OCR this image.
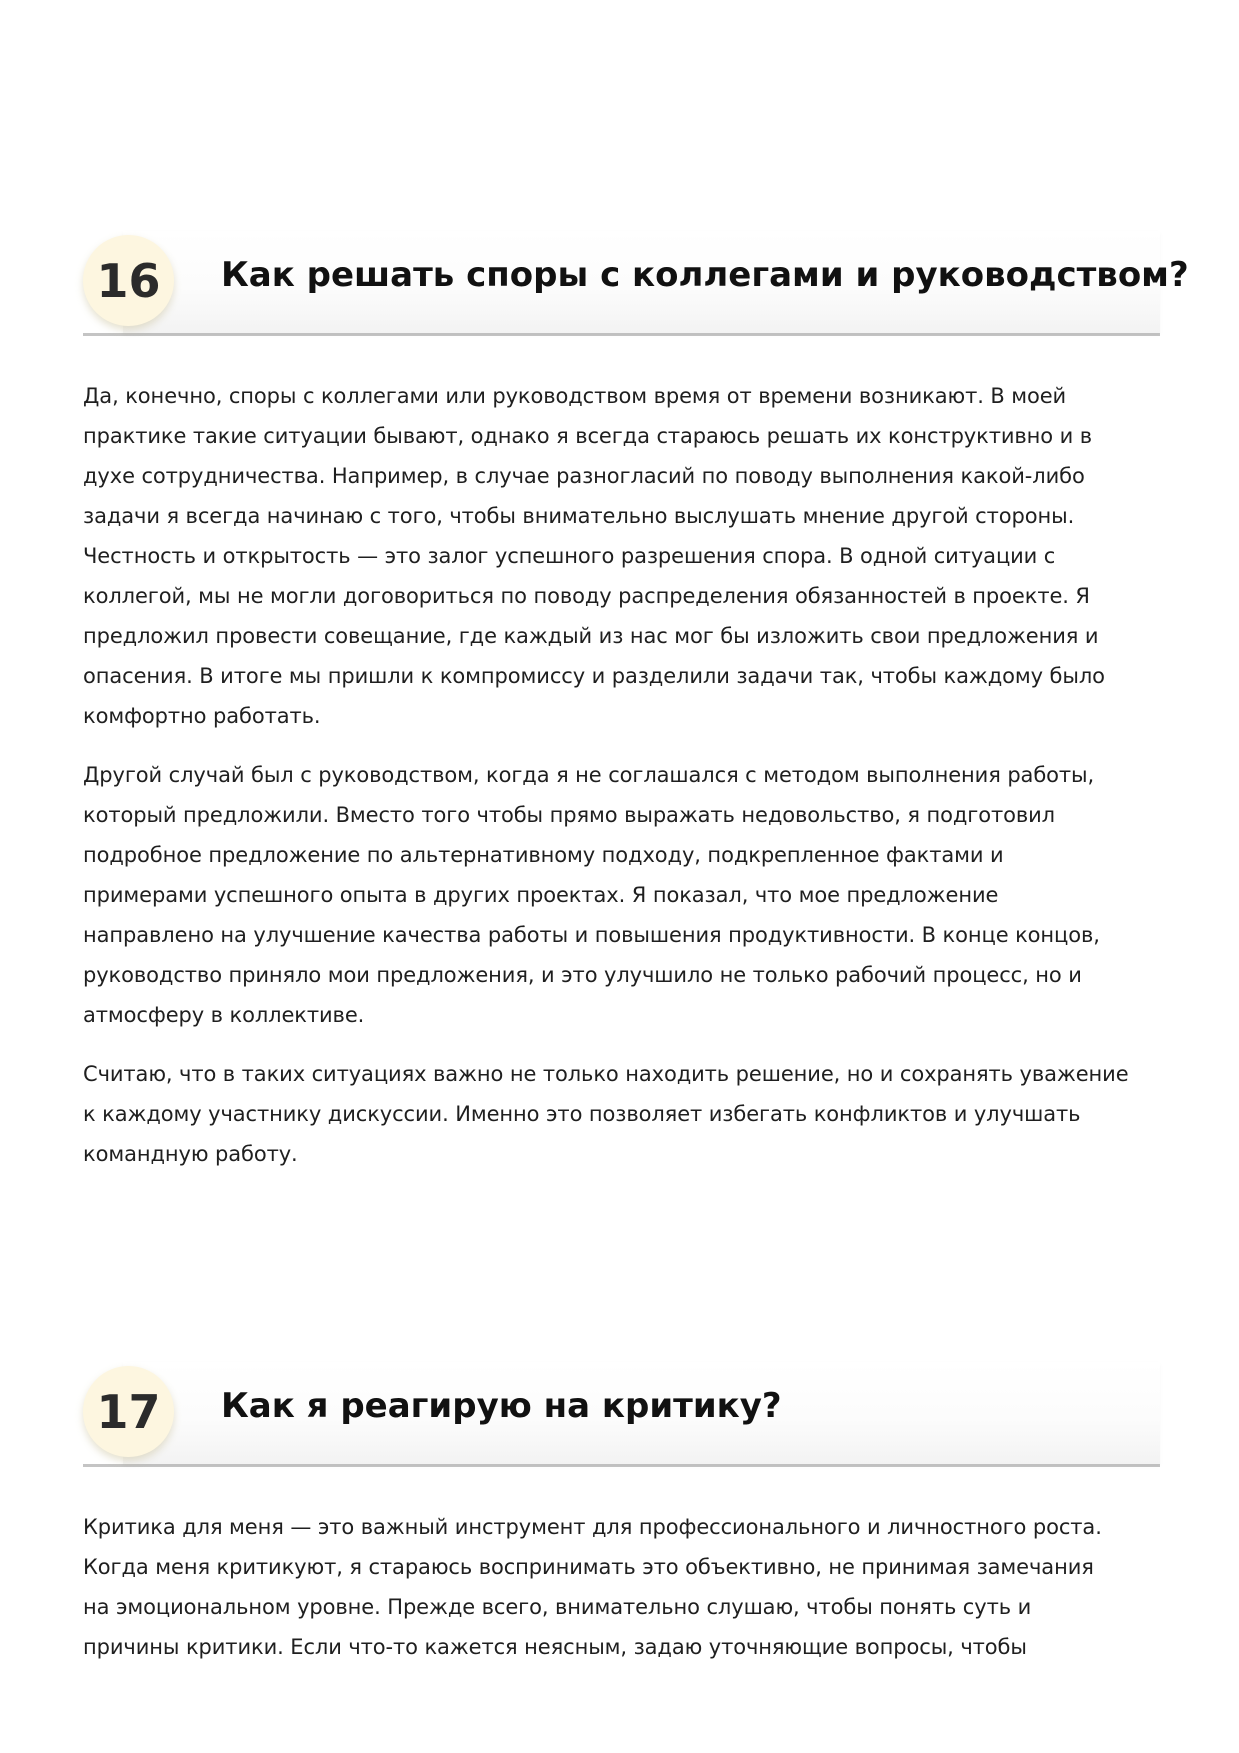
16	Как решать споры с коллегами и руководством?

Да, конечно, споры с коллегами или руководством время от времени возникают. В моей
практике такие ситуации бывают, однако я всегда стараюсь решать их конструктивно и в
духе сотрудничества. Например, в случае разногласий по поводу выполнения какой-либо
задачи я всегда начинаю с того, чтобы внимательно выслушать мнение другой стороны.
Честность и открытость — это залог успешного разрешения спора. В одной ситуации с
коллегой, мы не могли договориться по поводу распределения обязанностей в проекте. Я
предложил провести совещание, где каждый из нас мог бы изложить свои предложения и
опасения. В итоге мы пришли к компромиссу и разделили задачи так, чтобы каждому было
комфортно работать.

Другой случай был с руководством, когда я не соглашался с методом выполнения работы,
который предложили. Вместо того чтобы прямо выражать недовольство, я подготовил
подробное предложение по альтернативному подходу, подкрепленное фактами и
примерами успешного опыта в других проектах. Я показал, что мое предложение
направлено на улучшение качества работы и повышения продуктивности. В конце концов,
руководство приняло мои предложения, и это улучшило не только рабочий процесс, но и
атмосферу в коллективе.

Считаю, что в таких ситуациях важно не только находить решение, но и сохранять уважение
к каждому участнику дискуссии. Именно это позволяет избегать конфликтов и улучшать
командную работу.

17	Как я реагирую на критику?

Критика для меня — это важный инструмент для профессионального и личностного роста.
Когда меня критикуют, я стараюсь воспринимать это объективно, не принимая замечания
на эмоциональном уровне. Прежде всего, внимательно слушаю, чтобы понять суть и
причины критики. Если что-то кажется неясным, задаю уточняющие вопросы, чтобы
